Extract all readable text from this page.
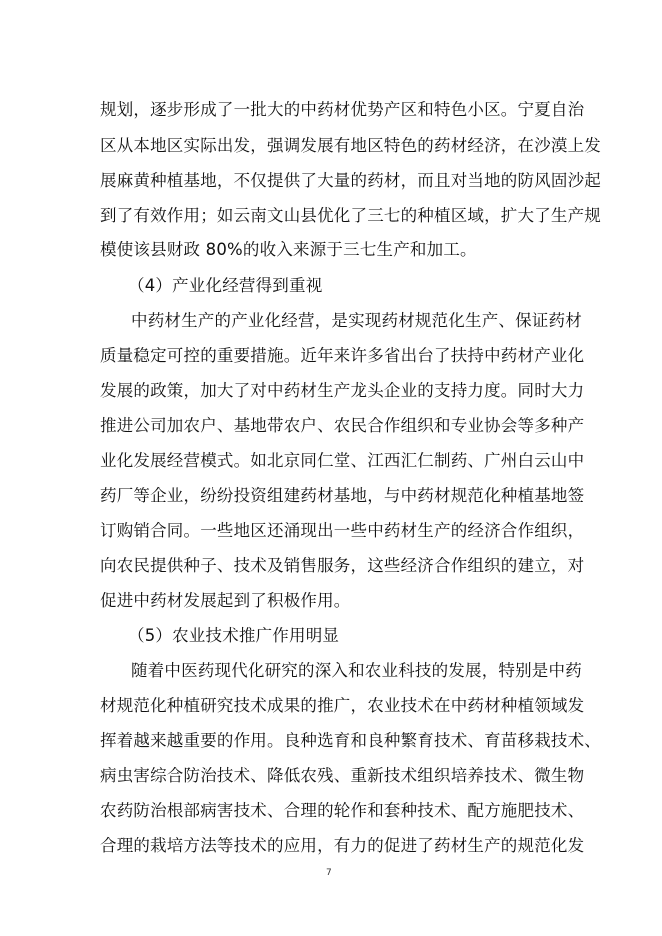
规划，逐步形成了一批大的中药材优势产区和特色小区。宁夏自治
区从本地区实际出发，强调发展有地区特色的药材经济，在沙漠上发
展麻黄种植基地，不仅提供了大量的药材，而且对当地的防风固沙起
到了有效作用；如云南文山县优化了三七的种植区域，扩大了生产规
模使该县财政 80%的收入来源于三七生产和加工。
（4）产业化经营得到重视
中药材生产的产业化经营，是实现药材规范化生产、保证药材
质量稳定可控的重要措施。近年来许多省出台了扶持中药材产业化
发展的政策，加大了对中药材生产龙头企业的支持力度。同时大力
推进公司加农户、基地带农户、农民合作组织和专业协会等多种产
业化发展经营模式。如北京同仁堂、江西汇仁制药、广州白云山中
药厂等企业，纷纷投资组建药材基地，与中药材规范化种植基地签
订购销合同。一些地区还涌现出一些中药材生产的经济合作组织，
向农民提供种子、技术及销售服务，这些经济合作组织的建立，对
促进中药材发展起到了积极作用。
（5）农业技术推广作用明显
随着中医药现代化研究的深入和农业科技的发展，特别是中药
材规范化种植研究技术成果的推广，农业技术在中药材种植领域发
挥着越来越重要的作用。良种选育和良种繁育技术、育苗移栽技术、
病虫害综合防治技术、降低农残、重新技术组织培养技术、微生物
农药防治根部病害技术、合理的轮作和套种技术、配方施肥技术、
合理的栽培方法等技术的应用，有力的促进了药材生产的规范化发
7
